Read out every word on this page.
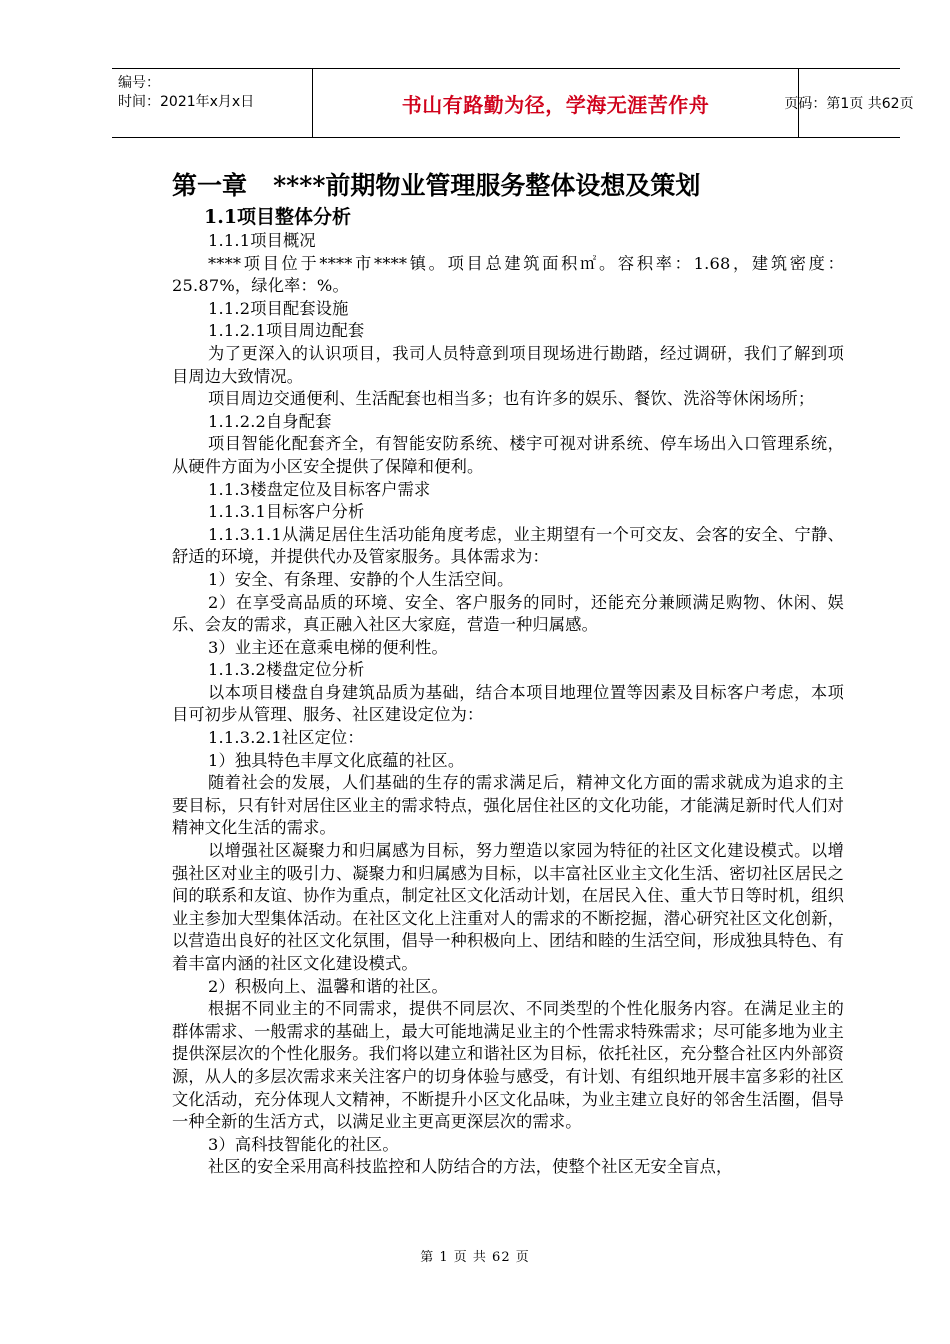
编号：
时间：2021年x月x日	书山有路勤为径，学海无涯苦作舟	页码：第1页 共62页
第一章   ****前期物业管理服务整体设想及策划
1.1项目整体分析

1.1.1项目概况

****项目位于****市****镇。项目总建筑面积㎡。容积率：1.68，建筑密度：25.87%，绿化率：%。

1.1.2项目配套设施

1.1.2.1项目周边配套

为了更深入的认识项目，我司人员特意到项目现场进行勘踏，经过调研，我们了解到项目周边大致情况。

项目周边交通便利、生活配套也相当多；也有许多的娱乐、餐饮、洗浴等休闲场所；

1.1.2.2自身配套

项目智能化配套齐全，有智能安防系统、楼宇可视对讲系统、停车场出入口管理系统，从硬件方面为小区安全提供了保障和便利。

1.1.3楼盘定位及目标客户需求

1.1.3.1目标客户分析

1.1.3.1.1从满足居住生活功能角度考虑，业主期望有一个可交友、会客的安全、宁静、舒适的环境，并提供代办及管家服务。具体需求为：

1）安全、有条理、安静的个人生活空间。

2）在享受高品质的环境、安全、客户服务的同时，还能充分兼顾满足购物、休闲、娱乐、会友的需求，真正融入社区大家庭，营造一种归属感。

3）业主还在意乘电梯的便利性。

1.1.3.2楼盘定位分析

以本项目楼盘自身建筑品质为基础，结合本项目地理位置等因素及目标客户考虑，本项目可初步从管理、服务、社区建设定位为：

1.1.3.2.1社区定位：

1）独具特色丰厚文化底蕴的社区。

随着社会的发展，人们基础的生存的需求满足后，精神文化方面的需求就成为追求的主要目标，只有针对居住区业主的需求特点，强化居住社区的文化功能，才能满足新时代人们对精神文化生活的需求。

以增强社区凝聚力和归属感为目标，努力塑造以家园为特征的社区文化建设模式。以增强社区对业主的吸引力、凝聚力和归属感为目标，以丰富社区业主文化生活、密切社区居民之间的联系和友谊、协作为重点，制定社区文化活动计划，在居民入住、重大节日等时机，组织业主参加大型集体活动。在社区文化上注重对人的需求的不断挖掘，潜心研究社区文化创新，以营造出良好的社区文化氛围，倡导一种积极向上、团结和睦的生活空间，形成独具特色、有着丰富内涵的社区文化建设模式。

2）积极向上、温馨和谐的社区。

根据不同业主的不同需求，提供不同层次、不同类型的个性化服务内容。在满足业主的群体需求、一般需求的基础上，最大可能地满足业主的个性需求特殊需求；尽可能多地为业主提供深层次的个性化服务。我们将以建立和谐社区为目标，依托社区，充分整合社区内外部资源，从人的多层次需求来关注客户的切身体验与感受，有计划、有组织地开展丰富多彩的社区文化活动，充分体现人文精神，不断提升小区文化品味，为业主建立良好的邻舍生活圈，倡导一种全新的生活方式，以满足业主更高更深层次的需求。

3）高科技智能化的社区。

社区的安全采用高科技监控和人防结合的方法，使整个社区无安全盲点，

第 1 页 共 62 页
